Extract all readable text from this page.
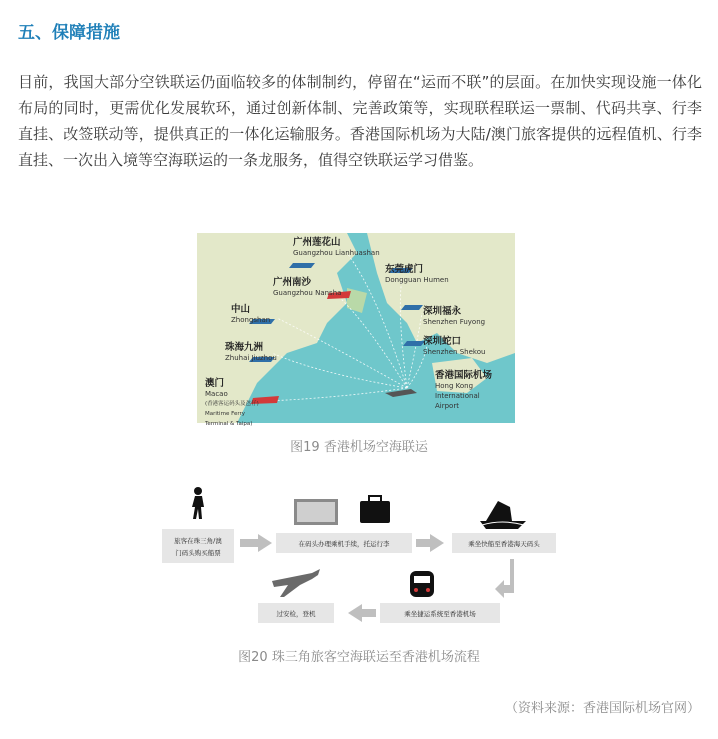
五、保障措施
目前，我国大部分空铁联运仍面临较多的体制制约，停留在“运而不联”的层面。在加快实现设施一体化布局的同时，更需优化发展软环，通过创新体制、完善政策等，实现联程联运一票制、代码共享、行李直挂、改签联动等，提供真正的一体化运输服务。香港国际机场为大陆/澳门旅客提供的远程值机、行李直挂、一次出入境等空海联运的一条龙服务，值得空铁联运学习借鉴。
广州莲花山
Guangzhou Lianhuashan
广州南沙
Guangzhou Nansha
东莞虎门
Dongguan Humen
中山
Zhongshan
深圳福永
Shenzhen Fuyong
珠海九洲
Zhuhai Jiuzhou
深圳蛇口
Shenzhen Shekou
澳门
Macao
(香港客运码头及氹仔)
Maritime Ferry
Terminal & Taipa)
香港国际机场
Hong Kong
International
Airport
图19 香港机场空海联运
旅客在珠三角/澳
门码头购买船票
在码头办理乘机手续，托运行李	乘坐快船至香港海天码头
乘坐捷运系统至香港机场
过安检，登机
图20 珠三角旅客空海联运至香港机场流程
（资料来源：香港国际机场官网）
